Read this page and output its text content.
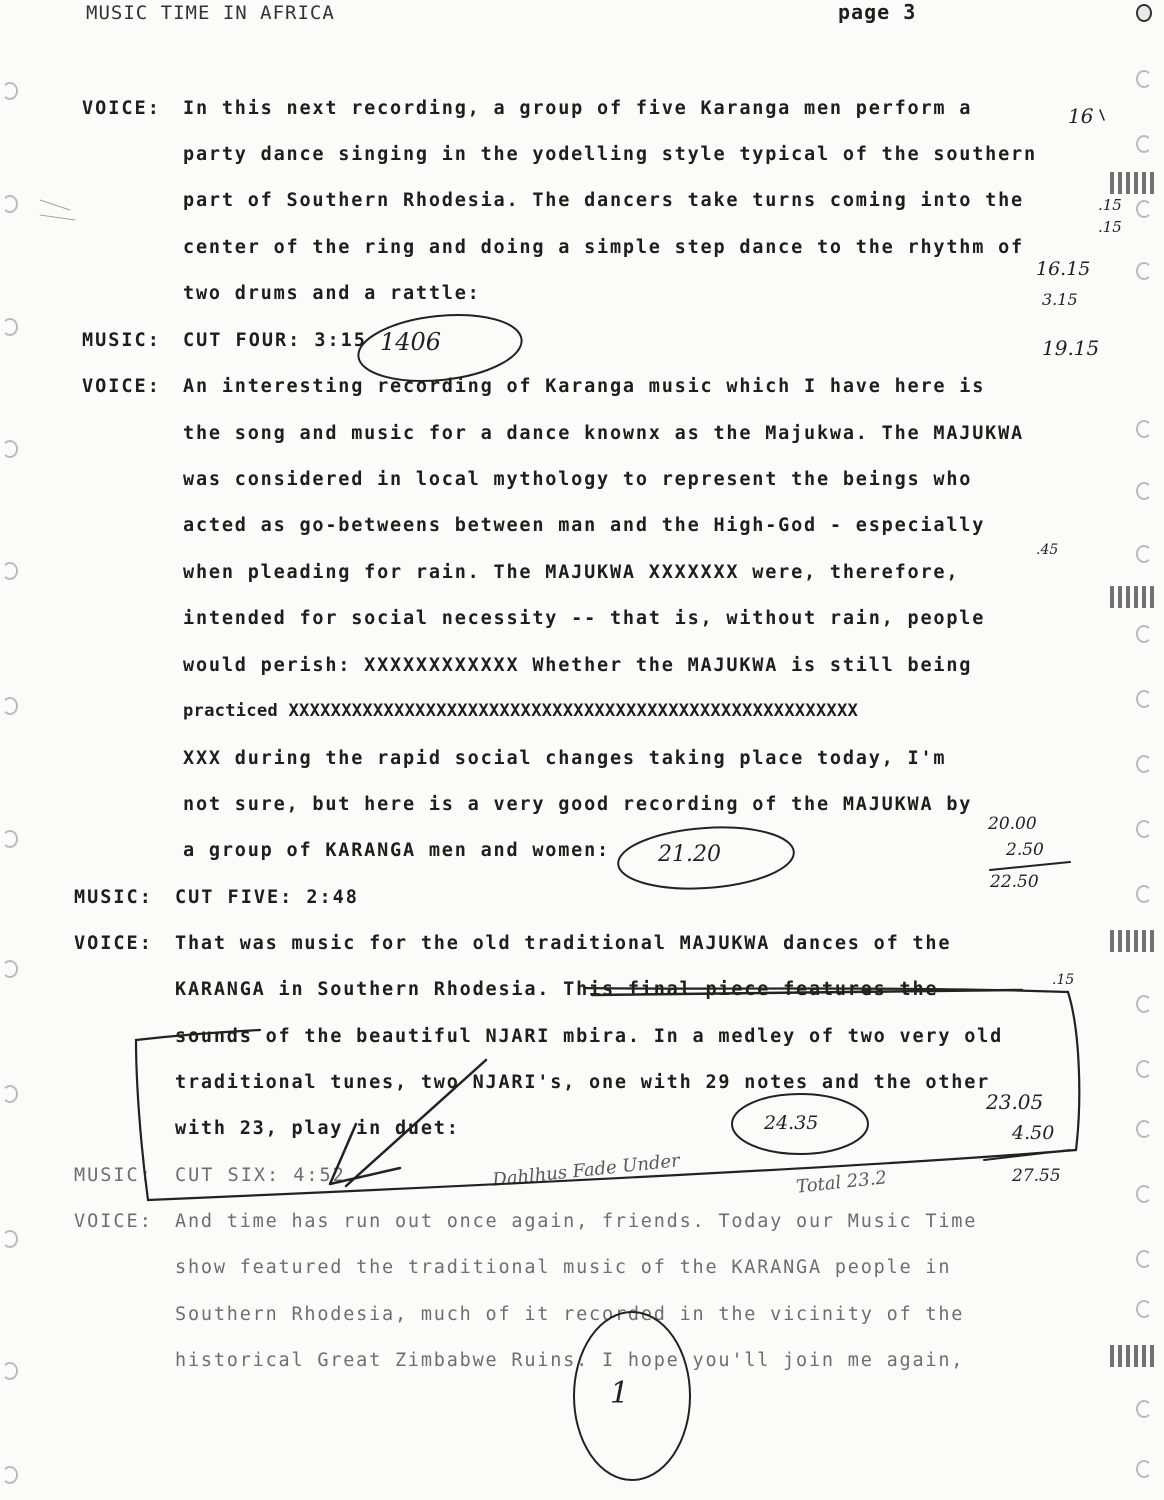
MUSIC TIME IN AFRICA	page 3
VOICE: In this next recording, a group of five Karanga men perform a
party dance singing in the yodelling style typical of the southern
part of Southern Rhodesia. The dancers take turns coming into the
center of the ring and doing a simple step dance to the rhythm of
two drums and a rattle:
MUSIC: CUT FOUR: 3:15
VOICE: An interesting recording of Karanga music which I have here is
the song and music for a dance knownx as the Majukwa. The MAJUKWA
was considered in local mythology to represent the beings who
acted as go-betweens between man and the High-God - especially
when pleading for rain. The MAJUKWA XXXXXXX were, therefore,
intended for social necessity -- that is, without rain, people
would perish: XXXXXXXXXXXX Whether the MAJUKWA is still being
practiced XXXXXXXXXXXXXXXXXXXXXXXXXXXXXXXXXXXXXXXXXXXXXXXXXXXXXX
XXX during the rapid social changes taking place today, I'm
not sure, but here is a very good recording of the MAJUKWA by
a group of KARANGA men and women:
MUSIC: CUT FIVE: 2:48
VOICE: That was music for the old traditional MAJUKWA dances of the
KARANGA in Southern Rhodesia. This final piece features the
sounds of the beautiful NJARI mbira. In a medley of two very old
traditional tunes, two NJARI's, one with 29 notes and the other
with 23, play in duet:
MUSIC: CUT SIX: 4:52
VOICE: And time has run out once again, friends. Today our Music Time
show featured the traditional music of the KARANGA people in
Southern Rhodesia, much of it recorded in the vicinity of the
historical Great Zimbabwe Ruins. I hope you'll join me again,
16
.15
.15
16.15
3.15
19.15
1406
.45
21.20
20.00
2.50
22.50
.15
24.35
23.05
4.50
27.55
Dahlhus Fade Under	Total 23.2
1
